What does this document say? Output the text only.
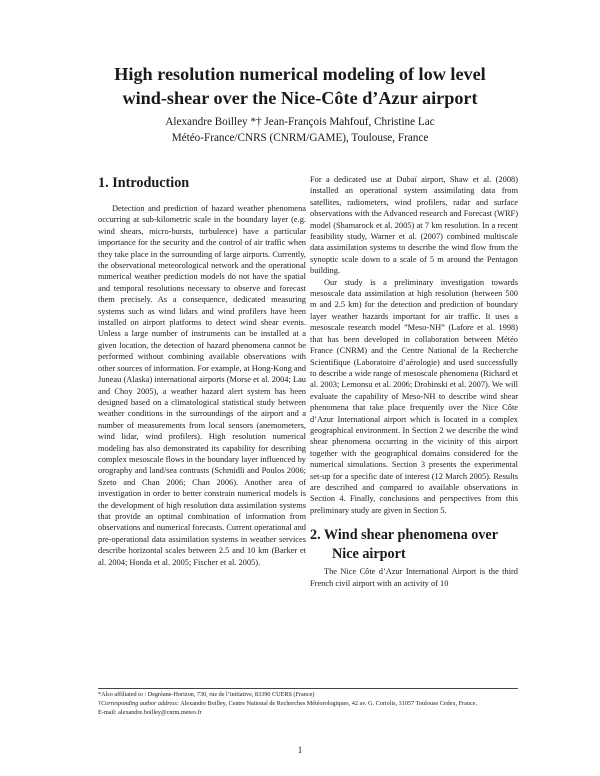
High resolution numerical modeling of low level
wind-shear over the Nice-Côte d’Azur airport
Alexandre Boilley *† Jean-François Mahfouf, Christine Lac
Météo-France/CNRS (CNRM/GAME), Toulouse, France
1. Introduction

Detection and prediction of hazard weather phenomena occurring at sub-kilometric scale in the boundary layer (e.g. wind shears, micro-bursts, turbulence) have a particular importance for the security and the control of air traffic when they take place in the surrounding of large airports. Currently, the observational meteorological network and the operational numerical weather prediction models do not have the spatial and temporal resolutions necessary to observe and forecast them precisely. As a consequence, dedicated measuring systems such as wind lidars and wind profilers have been installed on airport platforms to detect wind shear events. Unless a large number of instruments can be installed at a given location, the detection of hazard phenomena cannot be performed without combining available observations with other sources of information. For example, at Hong-Kong and Juneau (Alaska) international airports (Morse et al. 2004; Lau and Choy 2005), a weather hazard alert system has been designed based on a climatological statistical study between weather conditions in the surroundings of the airport and a number of measurements from local sensors (anemometers, wind lidar, wind profilers). High resolution numerical modeling has also demonstrated its capability for describing complex mesoscale flows in the boundary layer influenced by orography and land/sea contrasts (Schmidli and Poulos 2006; Szeto and Chan 2006; Chan 2006). Another area of investigation in order to better constrain numerical models is the development of high resolution data assimilation systems that provide an optimal combination of information from observations and numerical forecasts. Current operational and pre-operational data assimilation systems in weather services describe horizontal scales between 2.5 and 10 km (Barker et al. 2004; Honda et al. 2005; Fischer et al. 2005).

For a dedicated use at Dubaï airport, Shaw et al. (2008) installed an operational system assimilating data from satellites, radiometers, wind profilers, radar and surface observations with the Advanced research and Forecast (WRF) model (Shamarock et al. 2005) at 7 km resolution. In a recent feasibility study, Warner et al. (2007) combined multiscale data assimilation systems to describe the wind flow from the synoptic scale down to a scale of 5 m around the Pentagon building.

Our study is a preliminary investigation towards mesoscale data assimilation at high resolution (between 500 m and 2.5 km) for the detection and prediction of boundary layer weather hazards important for air traffic. It uses a mesoscale research model ”Meso-NH” (Lafore et al. 1998) that has been developed in collaboration between Météo France (CNRM) and the Centre National de la Recherche Scientifique (Laboratoire d’aérologie) and used successfully to describe a wide range of mesoscale phenomena (Richard et al. 2003; Lemonsu et al. 2006; Drobinski et al. 2007). We will evaluate the capability of Meso-NH to describe wind shear phenomena that take place frequently over the Nice Côte d’Azur International airport which is located in a complex geographical environment. In Section 2 we describe the wind shear phenomena occurring in the vicinity of this airport together with the geographical domains considered for the numerical simulations. Section 3 presents the experimental set-up for a specific date of interest (12 March 2005). Results are described and compared to available observations in Section 4. Finally, conclusions and perspectives from this preliminary study are given in Section 5.

2. Wind shear phenomena over
Nice airport

The Nice Côte d’Azur International Airport is the third French civil airport with an activity of 10

*Also affiliated to : Degréane-Horizon, 730, rue de l’initiative, 83390 CUERS (France)

†Corresponding author address: Alexandre Boilley, Centre National de Recherches Météorologiques, 42 av. G. Coriolis, 31057 Toulouse Cedex, France.

E-mail: alexandre.boilley@cnrm.meteo.fr

1
